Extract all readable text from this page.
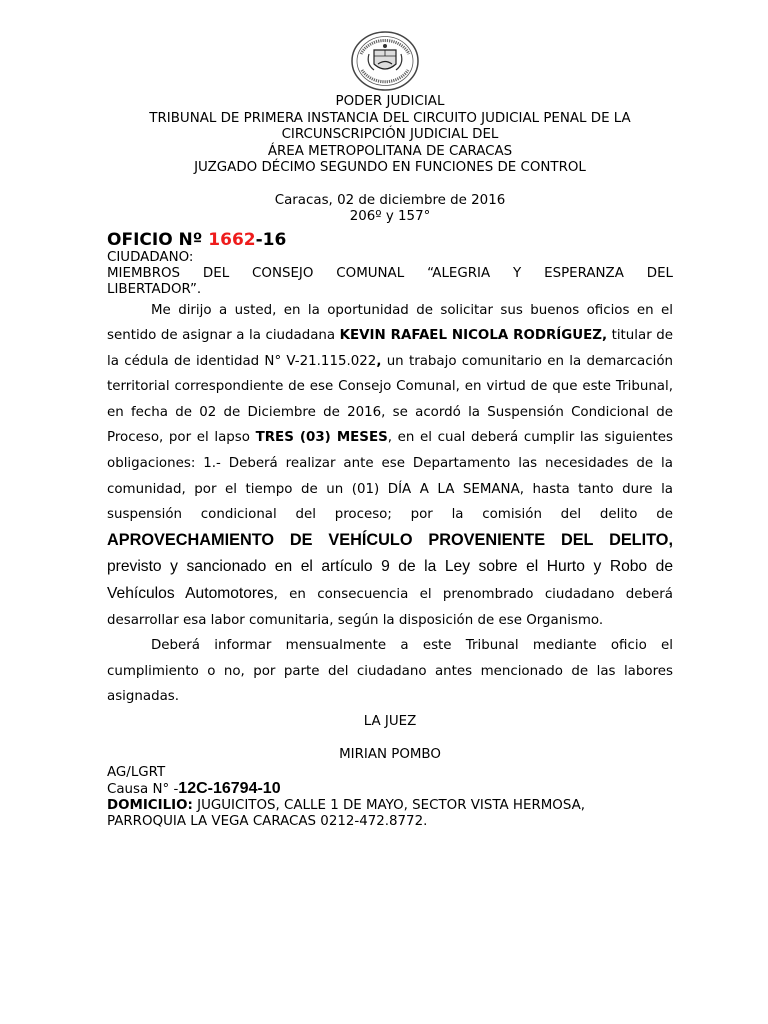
PODER JUDICIAL
TRIBUNAL DE PRIMERA INSTANCIA DEL CIRCUITO JUDICIAL PENAL DE LA
CIRCUNSCRIPCIÓN JUDICIAL DEL
ÁREA METROPOLITANA DE CARACAS
JUZGADO DÉCIMO SEGUNDO EN FUNCIONES DE CONTROL
Caracas, 02 de diciembre de 2016
206º y 157°
OFICIO Nº 1662-16
CIUDADANO:
MIEMBROS DEL CONSEJO COMUNAL “ALEGRIA Y ESPERANZA DEL
LIBERTADOR”.
Me dirijo a usted, en la oportunidad de solicitar sus buenos oficios en el sentido de asignar a la ciudadana KEVIN RAFAEL NICOLA RODRÍGUEZ, titular de la cédula de identidad N° V-21.115.022, un trabajo comunitario en la demarcación territorial correspondiente de ese Consejo Comunal, en virtud de que este Tribunal, en fecha de 02 de Diciembre de 2016, se acordó la Suspensión Condicional de Proceso, por el lapso TRES (03) MESES, en el cual deberá cumplir las siguientes obligaciones: 1.- Deberá realizar ante ese Departamento las necesidades de la comunidad, por el tiempo de un (01) DÍA A LA SEMANA, hasta tanto dure la suspensión condicional del proceso; por la comisión del delito de APROVECHAMIENTO DE VEHÍCULO PROVENIENTE DEL DELITO, previsto y sancionado en el artículo 9 de la Ley sobre el Hurto y Robo de Vehículos Automotores, en consecuencia el prenombrado ciudadano deberá desarrollar esa labor comunitaria, según la disposición de ese Organismo.
Deberá informar mensualmente a este Tribunal mediante oficio el cumplimiento o no, por parte del ciudadano antes mencionado de las labores asignadas.
LA JUEZ
MIRIAN POMBO
AG/LGRT
Causa N° -12C-16794-10
DOMICILIO: JUGUICITOS, CALLE 1 DE MAYO, SECTOR VISTA HERMOSA,
PARROQUIA LA VEGA CARACAS 0212-472.8772.
